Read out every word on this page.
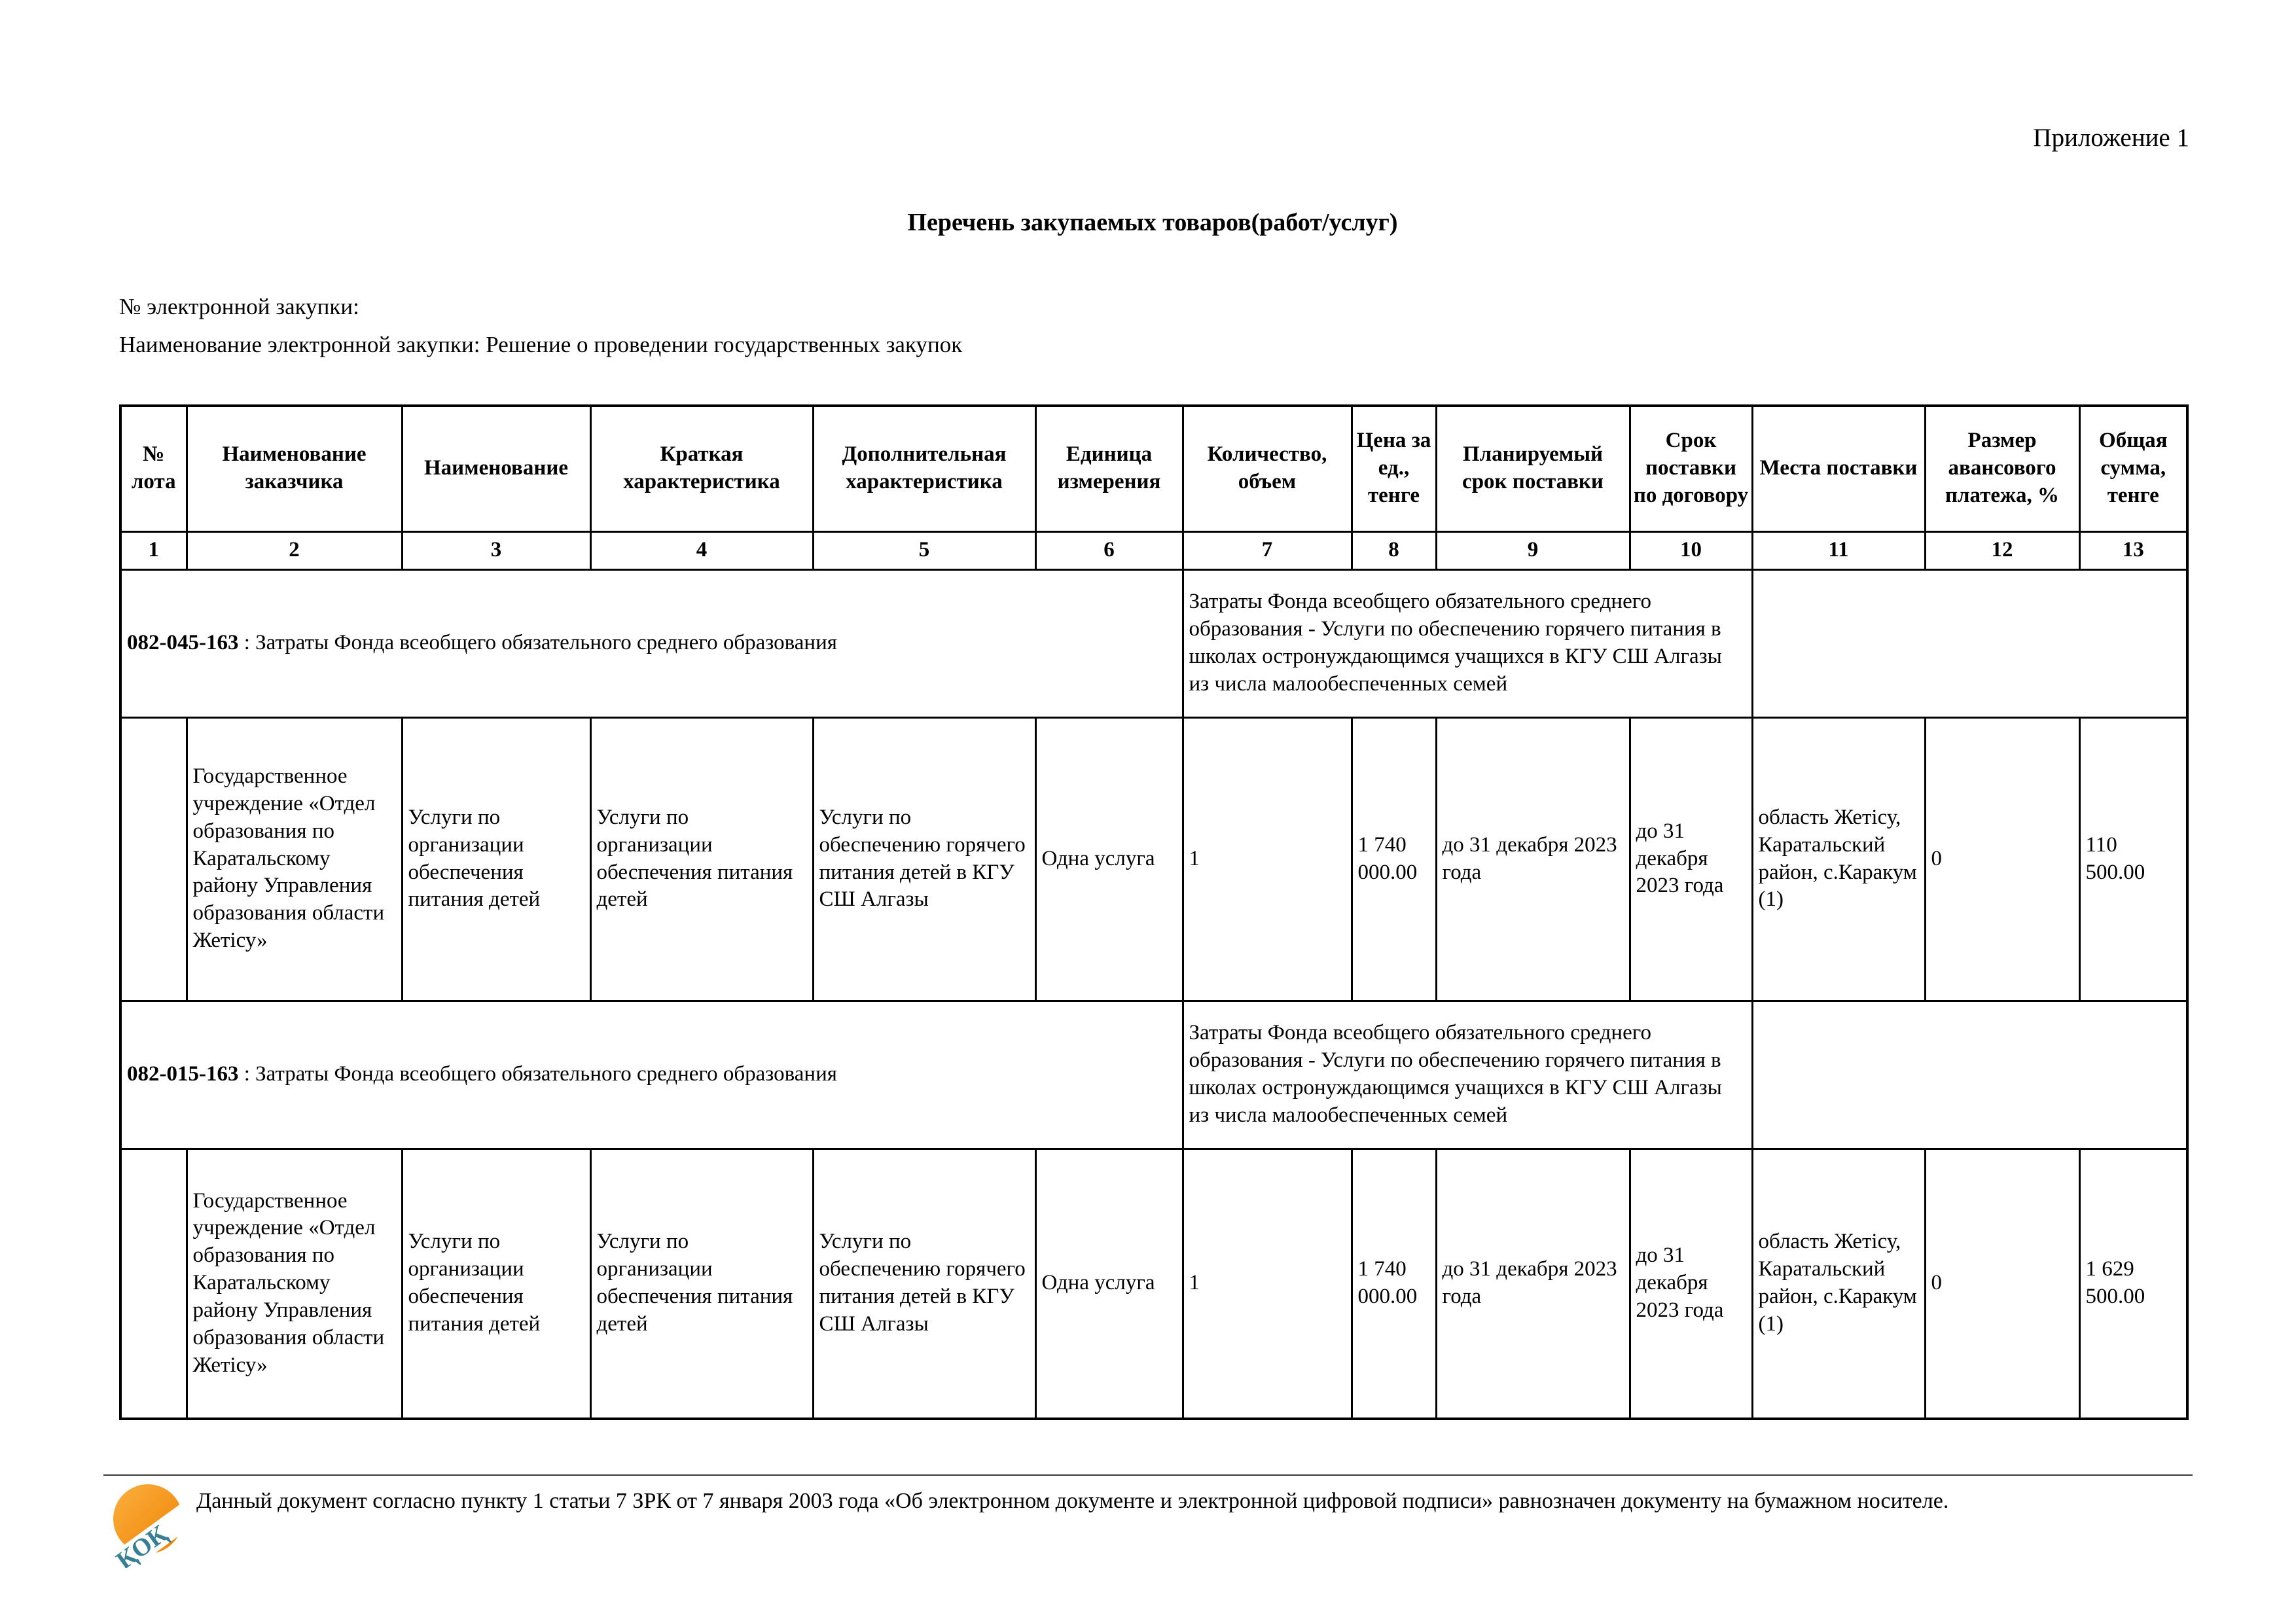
Приложение 1
Перечень закупаемых товаров(работ/услуг)
№ электронной закупки:
Наименование электронной закупки: Решение о проведении государственных закупок
№ лота	Наименование заказчика	Наименование	Краткая характеристика	Дополнительная характеристика	Единица измерения	Количество, объем	Цена за ед., тенге	Планируемый срок поставки	Срок поставки по договору	Места поставки	Размер авансового платежа, %	Общая сумма, тенге
1	2	3	4	5	6	7	8	9	10	11	12	13
082-045-163 : Затраты Фонда всеобщего обязательного среднего образования						Затраты Фонда всеобщего обязательного среднего образования - Услуги по обеспечению горячего питания в школах остронуждающимся учащихся в КГУ СШ Алгазы из числа малообеспеченных семей						
	Государственное учреждение «Отдел образования по Каратальскому району Управления образования области Жетісу»	Услуги по организации обеспечения питания детей	Услуги по организации обеспечения питания детей	Услуги по обеспечению горячего питания детей в КГУ СШ Алгазы	Одна услуга	1	1 740 000.00	до 31 декабря 2023 года	до 31 декабря 2023 года	область Жетісу, Каратальский район, с.Каракум (1)	0	110 500.00
082-015-163 : Затраты Фонда всеобщего обязательного среднего образования						Затраты Фонда всеобщего обязательного среднего образования - Услуги по обеспечению горячего питания в школах остронуждающимся учащихся в КГУ СШ Алгазы из числа малообеспеченных семей						
	Государственное учреждение «Отдел образования по Каратальскому району Управления образования области Жетісу»	Услуги по организации обеспечения питания детей	Услуги по организации обеспечения питания детей	Услуги по обеспечению горячего питания детей в КГУ СШ Алгазы	Одна услуга	1	1 740 000.00	до 31 декабря 2023 года	до 31 декабря 2023 года	область Жетісу, Каратальский район, с.Каракум (1)	0	1 629 500.00
ҚОҚ
Данный документ согласно пункту 1 статьи 7 ЗРК от 7 января 2003 года «Об электронном документе и электронной цифровой подписи» равнозначен документу на бумажном носителе.
